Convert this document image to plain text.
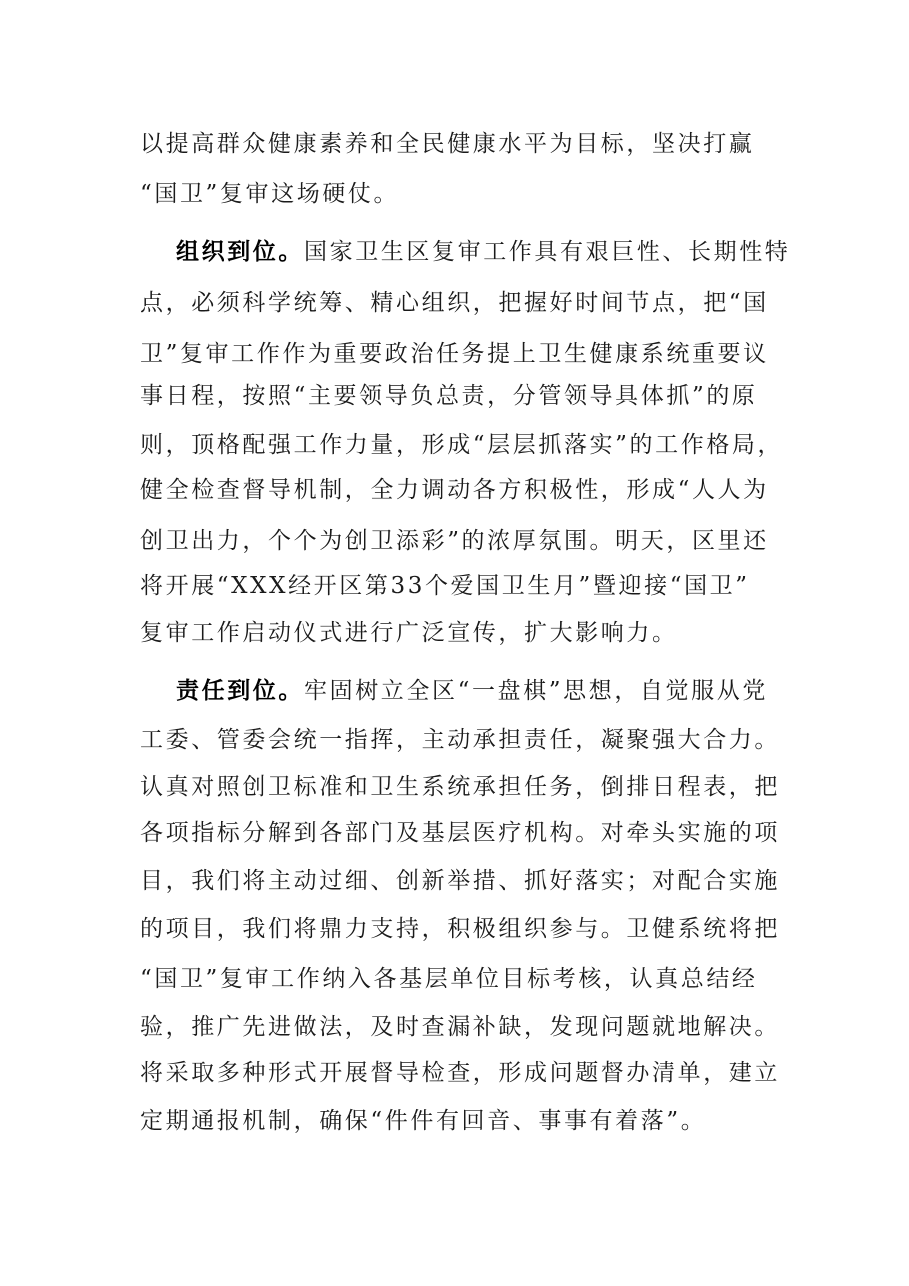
以提高群众健康素养和全民健康水平为目标，坚决打赢
“国卫”复审这场硬仗。
组织到位。国家卫生区复审工作具有艰巨性、长期性特
点，必须科学统筹、精心组织，把握好时间节点，把“国
卫”复审工作作为重要政治任务提上卫生健康系统重要议
事日程，按照“主要领导负总责，分管领导具体抓”的原
则，顶格配强工作力量，形成“层层抓落实”的工作格局，
健全检查督导机制，全力调动各方积极性，形成“人人为
创卫出力，个个为创卫添彩”的浓厚氛围。明天，区里还
将开展“XXX经开区第33个爱国卫生月”暨迎接“国卫”
复审工作启动仪式进行广泛宣传，扩大影响力。
责任到位。牢固树立全区“一盘棋”思想，自觉服从党
工委、管委会统一指挥，主动承担责任，凝聚强大合力。
认真对照创卫标准和卫生系统承担任务，倒排日程表，把
各项指标分解到各部门及基层医疗机构。对牵头实施的项
目，我们将主动过细、创新举措、抓好落实；对配合实施
的项目，我们将鼎力支持，积极组织参与。卫健系统将把
“国卫”复审工作纳入各基层单位目标考核，认真总结经
验，推广先进做法，及时查漏补缺，发现问题就地解决。
将采取多种形式开展督导检查，形成问题督办清单，建立
定期通报机制，确保“件件有回音、事事有着落”。
